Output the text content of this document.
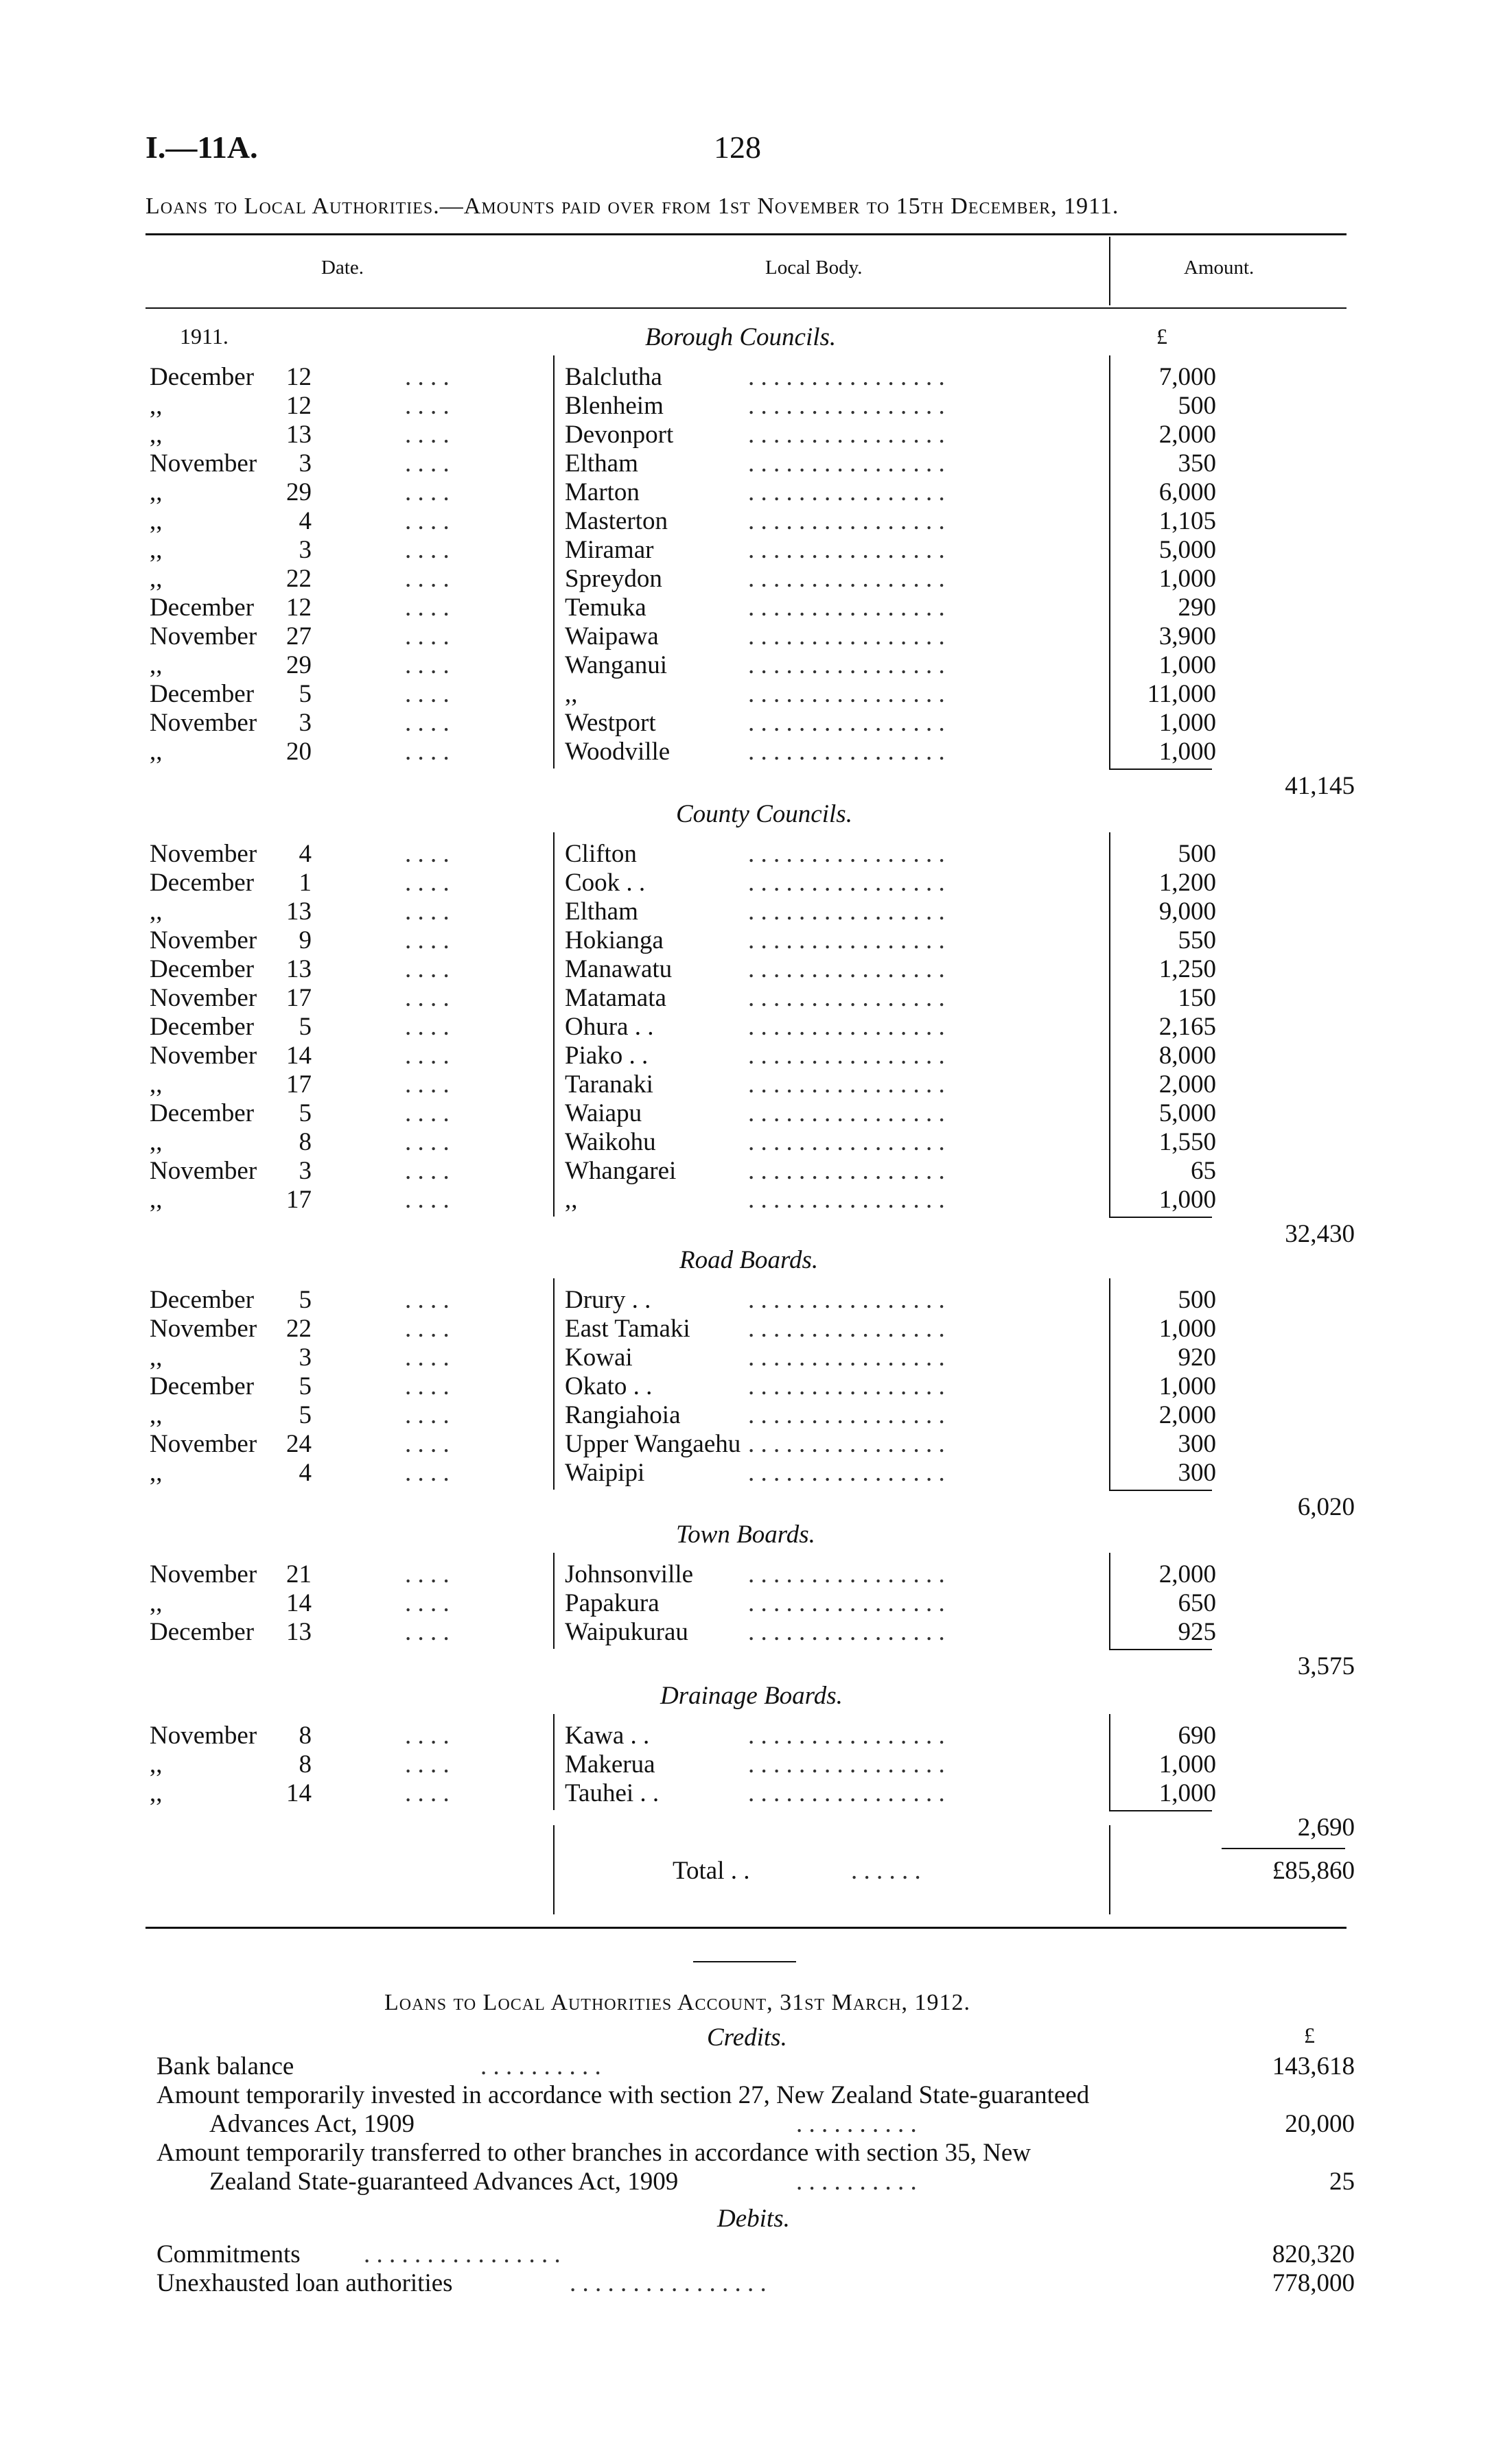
I.—11A.	128
Loans to Local Authorities.—Amounts paid over from 1st November to 15th December, 1911.
Date.	Local Body.	Amount.
1911.	£
Borough Councils.
December 12	. . . .	Balclutha	. . . . . . . . . . . . . . . .	7,000
,,	12	. . . .	Blenheim	. . . . . . . . . . . . . . . .	500
,,	13	. . . .	Devonport	. . . . . . . . . . . . . . . .	2,000
November 3	. . . .	Eltham	. . . . . . . . . . . . . . . .	350
,,	29	. . . .	Marton	. . . . . . . . . . . . . . . .	6,000
,,	4	. . . .	Masterton	. . . . . . . . . . . . . . . .	1,105
,,	3	. . . .	Miramar	. . . . . . . . . . . . . . . .	5,000
,,	22	. . . .	Spreydon	. . . . . . . . . . . . . . . .	1,000
December 12	. . . .	Temuka	. . . . . . . . . . . . . . . .	290
November 27	. . . .	Waipawa	. . . . . . . . . . . . . . . .	3,900
,,	29	. . . .	Wanganui	. . . . . . . . . . . . . . . .	1,000
December 5	. . . .	,,	. . . . . . . . . . . . . . . .	11,000
November 3	. . . .	Westport	. . . . . . . . . . . . . . . .	1,000
,,	20	. . . .	Woodville	. . . . . . . . . . . . . . . .	1,000
41,145
County Councils.
November 4	. . . .	Clifton	. . . . . . . . . . . . . . . .	500
December 1	. . . .	Cook . .	. . . . . . . . . . . . . . . .	1,200
,,	13	. . . .	Eltham	. . . . . . . . . . . . . . . .	9,000
November 9	. . . .	Hokianga	. . . . . . . . . . . . . . . .	550
December 13	. . . .	Manawatu	. . . . . . . . . . . . . . . .	1,250
November 17	. . . .	Matamata	. . . . . . . . . . . . . . . .	150
December 5	. . . .	Ohura . .	. . . . . . . . . . . . . . . .	2,165
November 14	. . . .	Piako . .	. . . . . . . . . . . . . . . .	8,000
,,	17	. . . .	Taranaki	. . . . . . . . . . . . . . . .	2,000
December 5	. . . .	Waiapu	. . . . . . . . . . . . . . . .	5,000
,,	8	. . . .	Waikohu	. . . . . . . . . . . . . . . .	1,550
November 3	. . . .	Whangarei	. . . . . . . . . . . . . . . .	65
,,	17	. . . .	,,	. . . . . . . . . . . . . . . .	1,000
32,430
Road Boards.
December 5	. . . .	Drury . .	. . . . . . . . . . . . . . . .	500
November 22	. . . .	East Tamaki . . . . . . . . . . . . . . . .	1,000
,,	3	. . . .	Kowai	. . . . . . . . . . . . . . . .	920
December 5	. . . .	Okato . .	. . . . . . . . . . . . . . . .	1,000
,,	5	. . . .	Rangiahoia	. . . . . . . . . . . . . . . .	2,000
November 24	. . . .	Upper Wangaehu . . . . . . . . . . . . . . . .	300
,,	4	. . . .	Waipipi	. . . . . . . . . . . . . . . .	300
6,020
Town Boards.
November 21	. . . .	Johnsonville . . . . . . . . . . . . . . . .	2,000
,,	14	. . . .	Papakura	. . . . . . . . . . . . . . . .	650
December 13	. . . .	Waipukurau . . . . . . . . . . . . . . . .	925
3,575
Drainage Boards.
November 8	. . . .	Kawa . .	. . . . . . . . . . . . . . . .	690
,,	8	. . . .	Makerua	. . . . . . . . . . . . . . . .	1,000
,,	14	. . . .	Tauhei . .	. . . . . . . . . . . . . . . .	1,000
2,690
Total . .	. . . . . .	£85,860
Loans to Local Authorities Account, 31st March, 1912.
Credits.	£
Bank balance	. . . . . . . . . .	143,618
Amount temporarily invested in accordance with section 27, New Zealand State-guaranteed
Advances Act, 1909	. . . . . . . . . .	20,000
Amount temporarily transferred to other branches in accordance with section 35, New
Zealand State-guaranteed Advances Act, 1909	. . . . . . . . . .	25
Debits.
Commitments . . . . . . . . . . . . . . . .	820,320
Unexhausted loan authorities	. . . . . . . . . . . . . . . .	778,000
